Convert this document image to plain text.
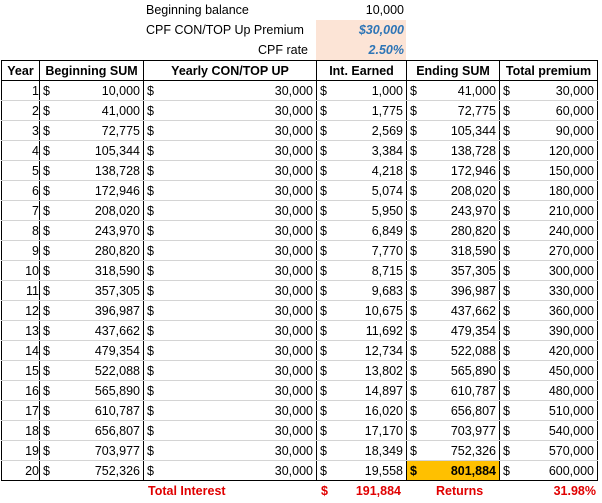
Beginning balance	10,000
CPF CON/TOP Up Premium	$30,000
CPF rate	2.50%
Year	Beginning SUM	Yearly CON/TOP UP	Int. Earned	Ending SUM	Total premium
1	$ 10,000	$ 30,000	$ 1,000	$ 41,000	$ 30,000

2	$ 41,000	$ 30,000	$ 1,775	$ 72,775	$ 60,000

3	$ 72,775	$ 30,000	$ 2,569	$ 105,344	$ 90,000

4	$ 105,344	$ 30,000	$ 3,384	$ 138,728	$ 120,000

5	$ 138,728	$ 30,000	$ 4,218	$ 172,946	$ 150,000

6	$ 172,946	$ 30,000	$ 5,074	$ 208,020	$ 180,000

7	$ 208,020	$ 30,000	$ 5,950	$ 243,970	$ 210,000

8	$ 243,970	$ 30,000	$ 6,849	$ 280,820	$ 240,000

9	$ 280,820	$ 30,000	$ 7,770	$ 318,590	$ 270,000

10	$ 318,590	$ 30,000	$ 8,715	$ 357,305	$ 300,000

11	$ 357,305	$ 30,000	$ 9,683	$ 396,987	$ 330,000

12	$ 396,987	$ 30,000	$ 10,675	$ 437,662	$ 360,000

13	$ 437,662	$ 30,000	$ 11,692	$ 479,354	$ 390,000

14	$ 479,354	$ 30,000	$ 12,734	$ 522,088	$ 420,000

15	$ 522,088	$ 30,000	$ 13,802	$ 565,890	$ 450,000

16	$ 565,890	$ 30,000	$ 14,897	$ 610,787	$ 480,000

17	$ 610,787	$ 30,000	$ 16,020	$ 656,807	$ 510,000

18	$ 656,807	$ 30,000	$ 17,170	$ 703,977	$ 540,000

19	$ 703,977	$ 30,000	$ 18,349	$ 752,326	$ 570,000

20	$ 752,326	$ 30,000	$ 19,558	$ 801,884	$ 600,000
Total Interest	$	191,884	Returns	31.98%
